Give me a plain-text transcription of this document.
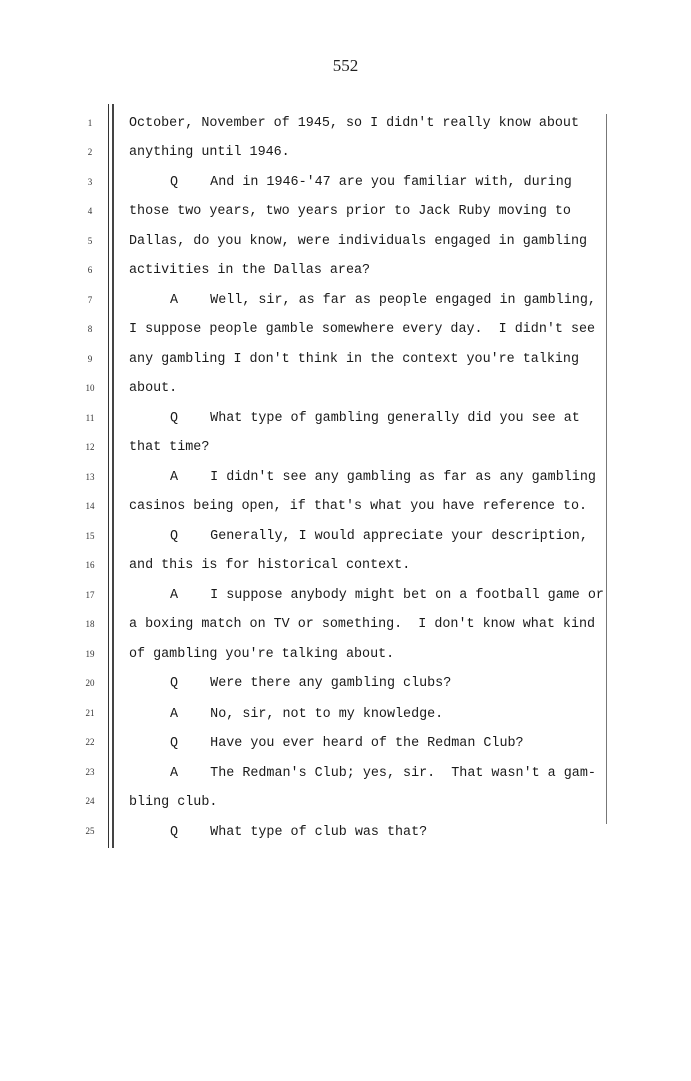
552
1	October, November of 1945, so I didn't really know about
2	anything until 1946.
3	Q    And in 1946-'47 are you familiar with, during
4	those two years, two years prior to Jack Ruby moving to
5	Dallas, do you know, were individuals engaged in gambling
6	activities in the Dallas area?
7	A    Well, sir, as far as people engaged in gambling,
8	I suppose people gamble somewhere every day.  I didn't see
9	any gambling I don't think in the context you're talking
10	about.
11	Q    What type of gambling generally did you see at
12	that time?
13	A    I didn't see any gambling as far as any gambling
14	casinos being open, if that's what you have reference to.
15	Q    Generally, I would appreciate your description,
16	and this is for historical context.
17	A    I suppose anybody might bet on a football game or
18	a boxing match on TV or something.  I don't know what kind
19	of gambling you're talking about.
20	Q    Were there any gambling clubs?
21	A    No, sir, not to my knowledge.
22	Q    Have you ever heard of the Redman Club?
23	A    The Redman's Club; yes, sir.  That wasn't a gam-
24	bling club.
25	Q    What type of club was that?
